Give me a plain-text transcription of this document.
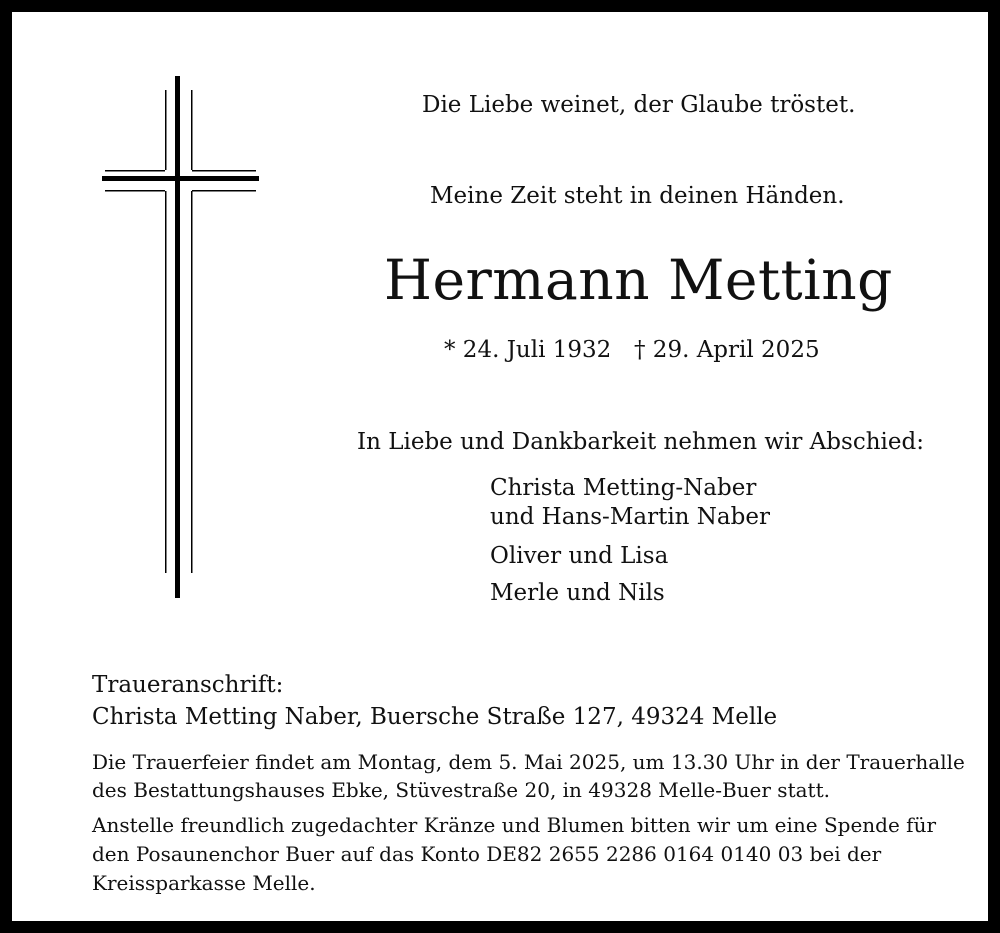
Die Liebe weinet, der Glaube tröstet.
Meine Zeit steht in deinen Händen.
Hermann Metting
* 24. Juli 1932 † 29. April 2025
In Liebe und Dankbarkeit nehmen wir Abschied:
Christa Metting-Naber
und Hans-Martin Naber
Oliver und Lisa
Merle und Nils
Traueranschrift:
Christa Metting Naber, Buersche Straße 127, 49324 Melle
Die Trauerfeier findet am Montag, dem 5. Mai 2025, um 13.30 Uhr in der Trauerhalle
des Bestattungshauses Ebke, Stüvestraße 20, in 49328 Melle-Buer statt.
Anstelle freundlich zugedachter Kränze und Blumen bitten wir um eine Spende für
den Posaunenchor Buer auf das Konto DE82 2655 2286 0164 0140 03 bei der
Kreissparkasse Melle.
